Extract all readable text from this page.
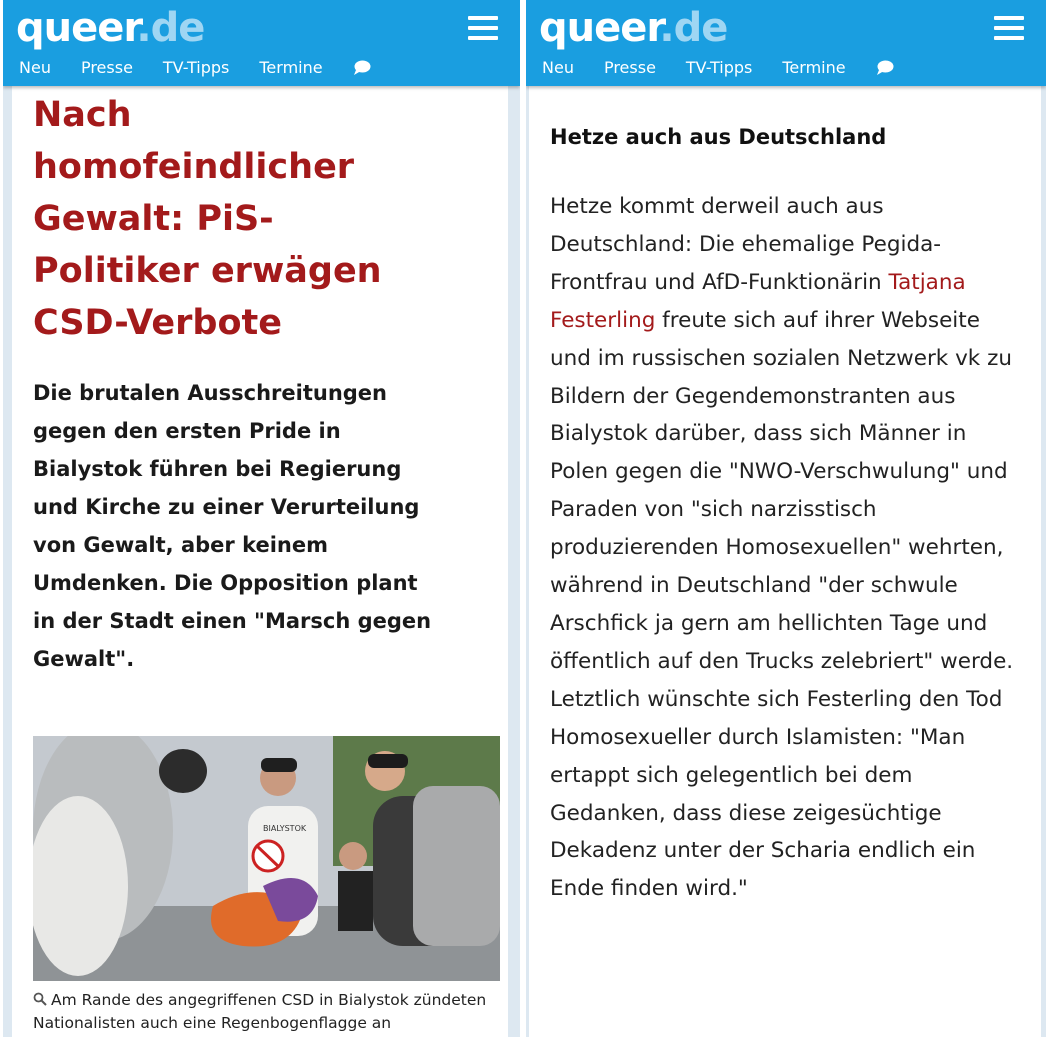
queer.de
Neu Presse TV-Tipps Termine
Nach homofeindlicher Gewalt: PiS-Politiker erwägen CSD-Verbote

Die brutalen Ausschreitungen gegen den ersten Pride in Bialystok führen bei Regierung und Kirche zu einer Verurteilung von Gewalt, aber keinem Umdenken. Die Opposition plant in der Stadt einen "Marsch gegen Gewalt".

BIALYSTOK

Am Rande des angegriffenen CSD in Bialystok zündeten Nationalisten auch eine Regenbogenflagge an

queer.de
Neu Presse TV-Tipps Termine
Hetze auch aus Deutschland

Hetze kommt derweil auch aus Deutschland: Die ehemalige Pegida-Frontfrau und AfD-Funktionärin Tatjana Festerling freute sich auf ihrer Webseite und im russischen sozialen Netzwerk vk zu Bildern der Gegendemonstranten aus Bialystok darüber, dass sich Männer in Polen gegen die "NWO-Verschwulung" und Paraden von "sich narzisstisch produzierenden Homosexuellen" wehrten, während in Deutschland "der schwule Arschfick ja gern am hellichten Tage und öffentlich auf den Trucks zelebriert" werde. Letztlich wünschte sich Festerling den Tod Homosexueller durch Islamisten: "Man ertappt sich gelegentlich bei dem Gedanken, dass diese zeigesüchtige Dekadenz unter der Scharia endlich ein Ende finden wird."
